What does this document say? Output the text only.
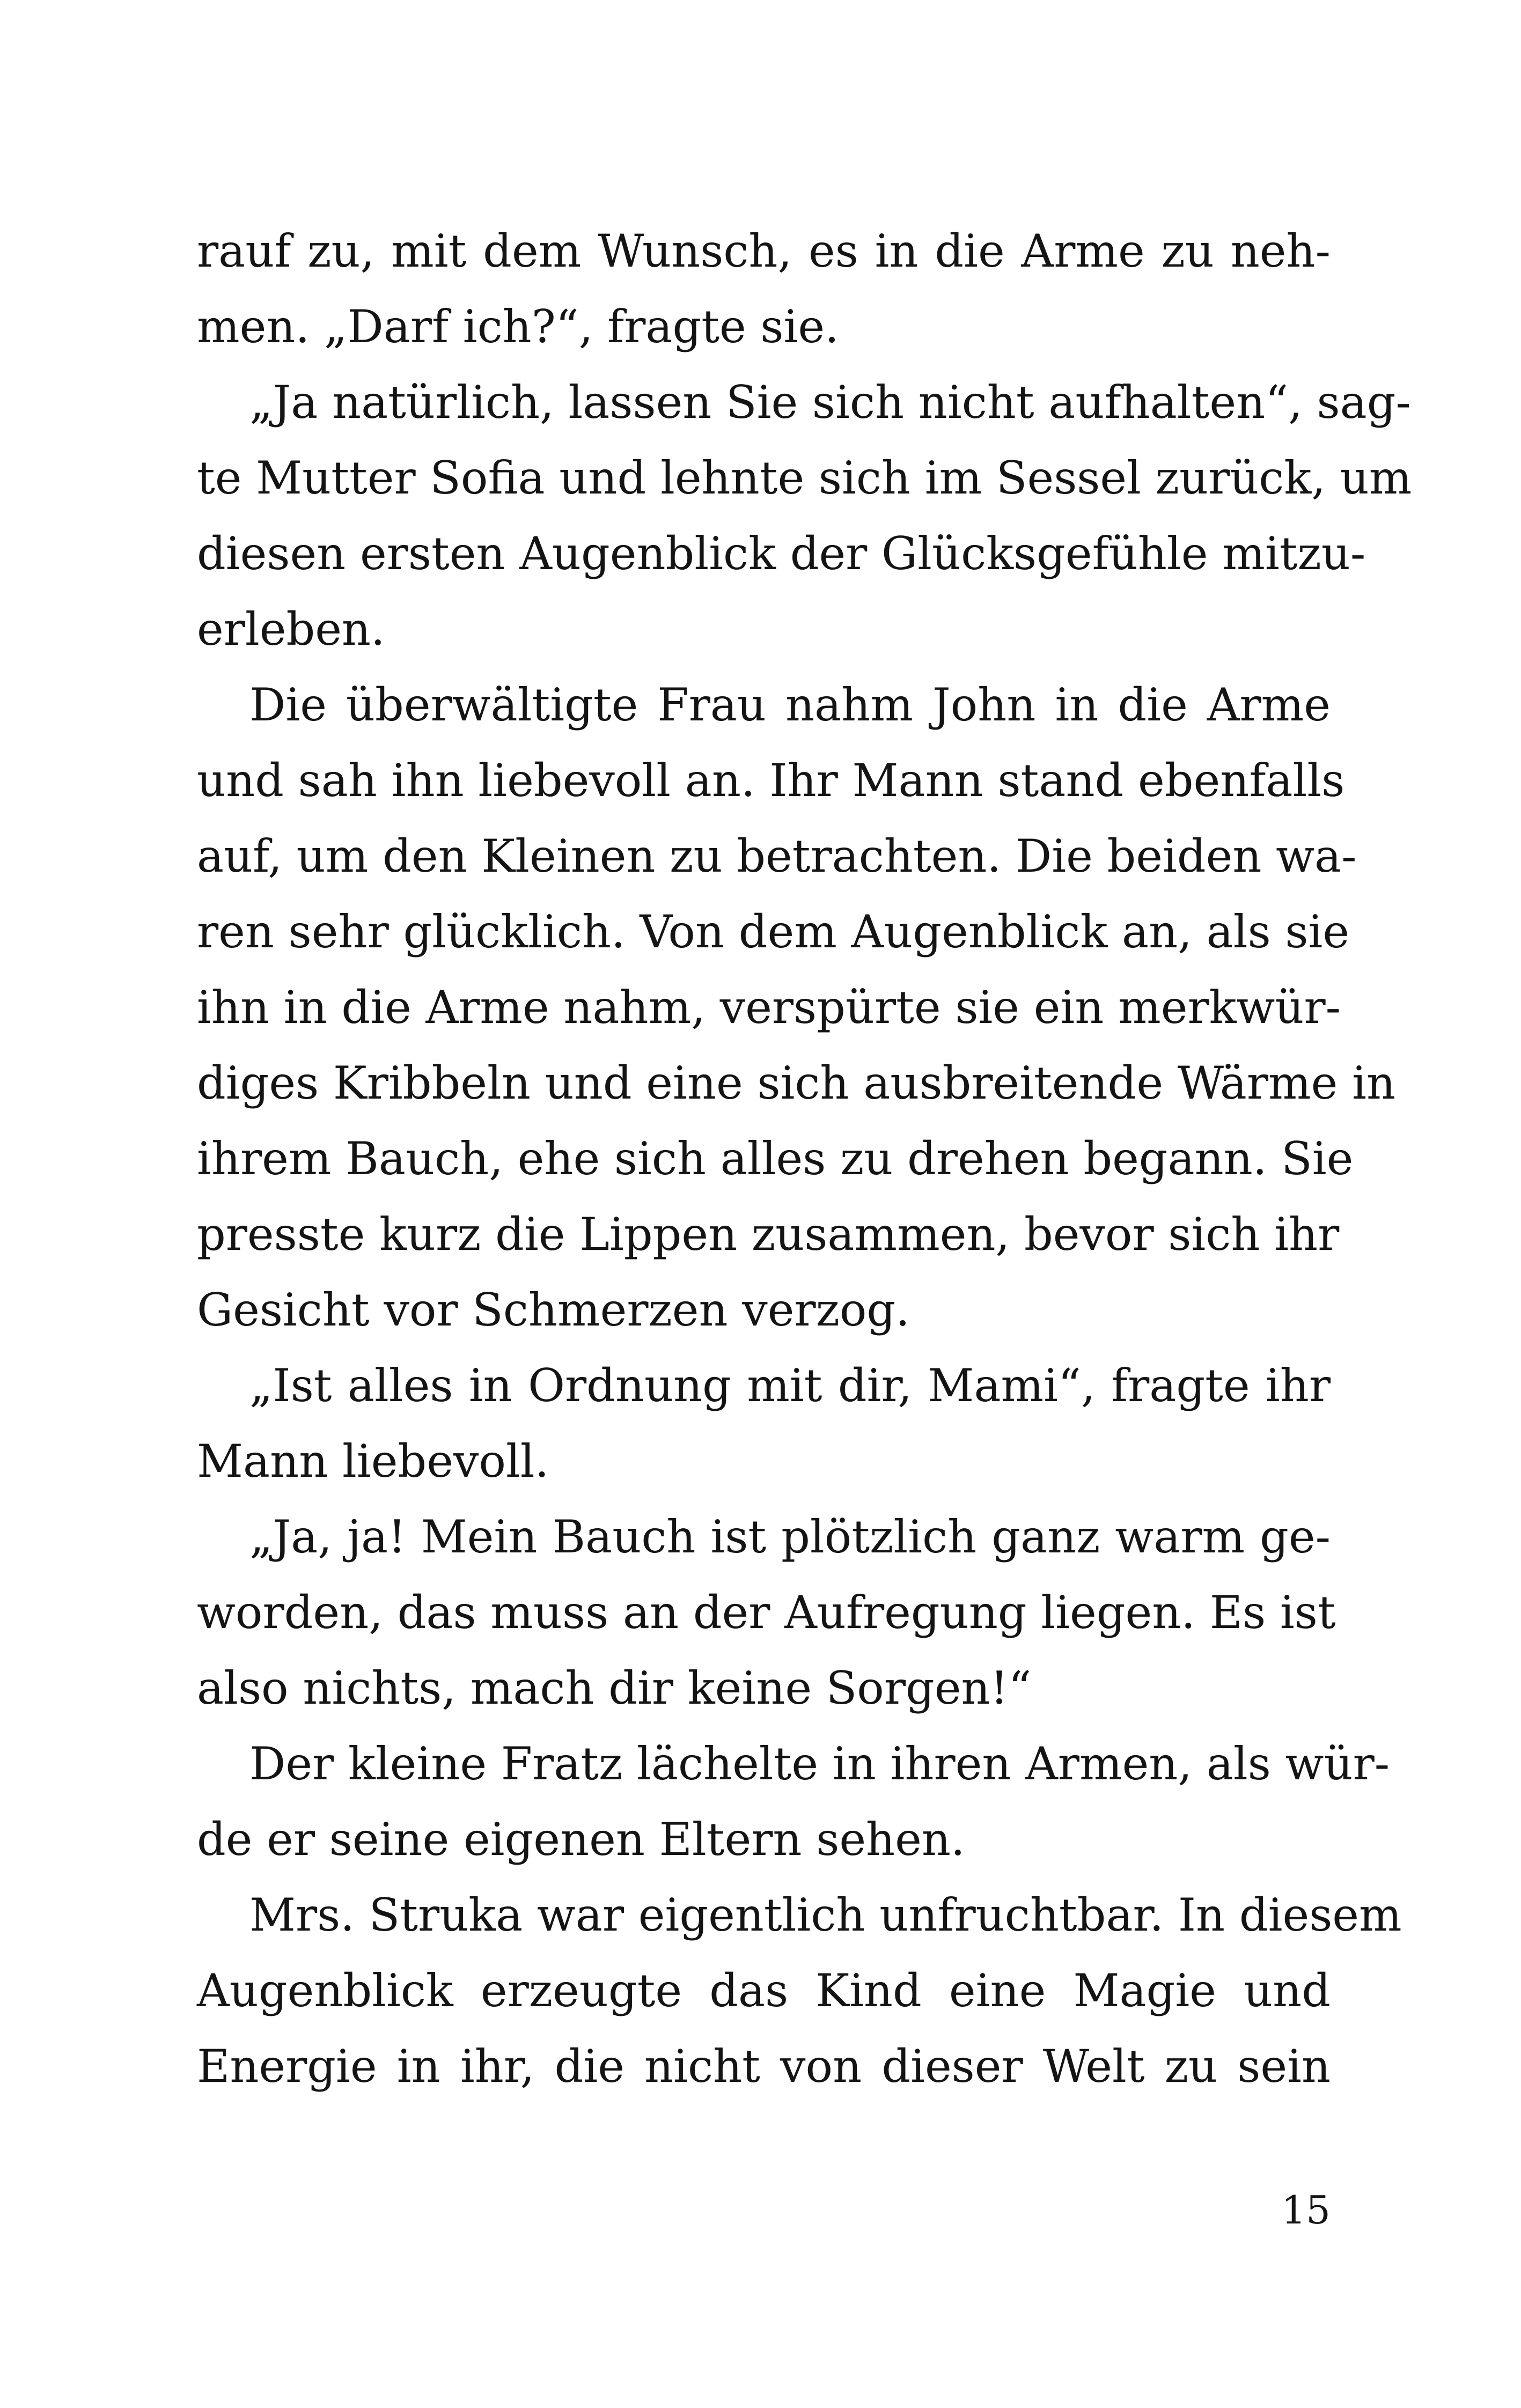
rauf zu, mit dem Wunsch, es in die Arme zu neh-
men. „Darf ich?“, fragte sie.
„Ja natürlich, lassen Sie sich nicht aufhalten“, sag-
te Mutter Sofia und lehnte sich im Sessel zurück, um
diesen ersten Augenblick der Glücksgefühle mitzu-
erleben.
Die überwältigte Frau nahm John in die Arme
und sah ihn liebevoll an. Ihr Mann stand ebenfalls
auf, um den Kleinen zu betrachten. Die beiden wa-
ren sehr glücklich. Von dem Augenblick an, als sie
ihn in die Arme nahm, verspürte sie ein merkwür-
diges Kribbeln und eine sich ausbreitende Wärme in
ihrem Bauch, ehe sich alles zu drehen begann. Sie
presste kurz die Lippen zusammen, bevor sich ihr
Gesicht vor Schmerzen verzog.
„Ist alles in Ordnung mit dir, Mami“, fragte ihr
Mann liebevoll.
„Ja, ja! Mein Bauch ist plötzlich ganz warm ge-
worden, das muss an der Aufregung liegen. Es ist
also nichts, mach dir keine Sorgen!“
Der kleine Fratz lächelte in ihren Armen, als wür-
de er seine eigenen Eltern sehen.
Mrs. Struka war eigentlich unfruchtbar. In diesem
Augenblick erzeugte das Kind eine Magie und
Energie in ihr, die nicht von dieser Welt zu sein
15
